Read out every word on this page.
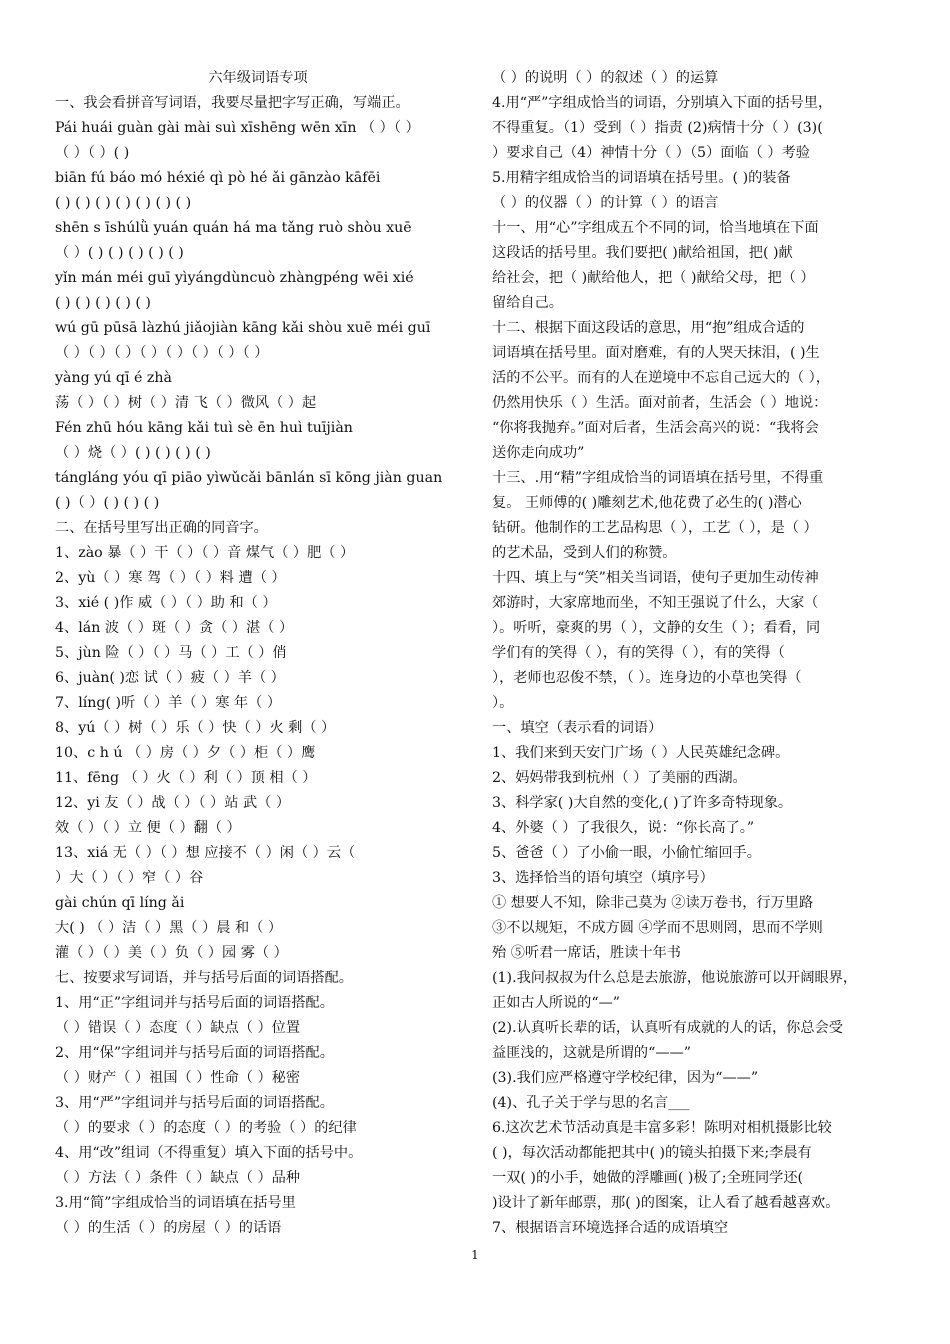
六年级词语专项
一、我会看拼音写词语，我要尽量把字写正确，写端正。
Pái huái guàn gài mài suì xīshēng wēn xīn （ ）（ ）
（ ）（ ）( )
biān fú báo mó héxié qì pò hé ǎi gānzào kāfēi
( ) ( ) ( ) ( ) ( ) ( ) ( )
shēn s īshúlǜ yuán quán há ma tǎng ruò shòu xuē
（ ）( ) ( ) ( ) ( ) ( )
yǐn mán méi guī yìyángdùncuò zhàngpéng wēi xié
( ) ( ) ( ) ( ) ( )
wú gū pūsā làzhú jiǎojiàn kāng kǎi shòu xuē méi guī
（ ）（ ）（ ）（ ）（ ）（ ）（ ）（ ）
yàng yú qī é zhà
荡（ ）（ ）树（ ）清 飞（ ）微风（ ）起
Fén zhū hóu kāng kǎi tuì sè ēn huì tuījiàn
（ ）烧（ ）( ) ( ) ( ) ( )
tángláng yóu qī piāo yìwǔcǎi bānlán sī kōng jiàn guan
( )（ ）( ) ( ) ( )
二、在括号里写出正确的同音字。
1、zào 暴（ ）干（ ）（ ）音 煤气（ ）肥（ ）
2、yù（ ）寒 驾（ ）（ ）料 遭（ ）
3、xié ( )作 威（ ）（ ）助 和（ ）
4、lán 波（ ）斑（ ）贪（ ）湛（ ）
5、jùn 险（ ）（ ）马（ ）工（ ）俏
6、juàn( )恋 试（ ）疲（ ）羊（ ）
7、líng( )听（ ）羊（ ）寒 年（ ）
8、yú（ ）树（ ）乐（ ）快（ ）火 剩（ ）
10、c h ú （ ）房（ ）夕（ ）柜（ ）鹰
11、fēng （ ）火（ ）利（ ）顶 相（ ）
12、yi 友（ ）战（ ）（ ）站 武（ ）
效（ ）（ ）立 便（ ）翻（ ）
13、xiá 无（ ）（ ）想 应接不（ ）闲（ ）云（
）大（ ）（ ）窄（ ）谷
gài chún qī líng ǎi
大( ) （ ）洁（ ）黑（ ）晨 和（ ）
灌（ ）（ ）美（ ）负（ ）园 雾（ ）
七、按要求写词语，并与括号后面的词语搭配。
1、用“正”字组词并与括号后面的词语搭配。
（ ）错误（ ）态度（ ）缺点（ ）位置
2、用“保”字组词并与括号后面的词语搭配。
（ ）财产（ ）祖国（ ）性命（ ）秘密
3、用“严”字组词并与括号后面的词语搭配。
（ ）的要求（ ）的态度（ ）的考验（ ）的纪律
4、用“改”组词（不得重复）填入下面的括号中。
（ ）方法（ ）条件（ ）缺点（ ）品种
3.用“简”字组成恰当的词语填在括号里
（ ）的生活（ ）的房屋（ ）的话语
（ ）的说明（ ）的叙述（ ）的运算
4.用“严”字组成恰当的词语，分别填入下面的括号里，
不得重复。（1）受到（ ）指责 (2)病情十分（ ）(3)(
）要求自己（4）神情十分（ ）（5）面临（ ）考验
5.用精字组成恰当的词语填在括号里。( )的装备
（ ）的仪器（ ）的计算（ ）的语言
十一、用“心”字组成五个不同的词，恰当地填在下面
这段话的括号里。我们要把( )献给祖国，把( )献
给社会，把（ )献给他人，把（ )献给父母，把（ ）
留给自己。
十二、根据下面这段话的意思，用“抱”组成合适的
词语填在括号里。面对磨难，有的人哭天抹泪，( )生
活的不公平。而有的人在逆境中不忘自己远大的（ ），
仍然用快乐（ ）生活。面对前者，生活会（ ）地说：
“你将我抛弃。”面对后者，生活会高兴的说：“我将会
送你走向成功”
十三、.用“精”字组成恰当的词语填在括号里，不得重
复。 王师傅的( )雕刻艺术,他花费了必生的( )潜心
钻研。他制作的工艺品构思（ ），工艺（ ），是（ ）
的艺术品，受到人们的称赞。
十四、填上与“笑”相关当词语，使句子更加生动传神
郊游时，大家席地而坐，不知王强说了什么，大家（
）。听听，豪爽的男（ ），文静的女生（ ）；看看，同
学们有的笑得（ ），有的笑得（ ），有的笑得（
），老师也忍俊不禁，（ ）。连身边的小草也笑得（
）。
一、填空（表示看的词语）
1、我们来到天安门广场（ ）人民英雄纪念碑。
2、妈妈带我到杭州（ ）了美丽的西湖。
3、科学家( )大自然的变化,( )了许多奇特现象。
4、外婆（ ）了我很久，说：“你长高了。”
5、爸爸（ ）了小偷一眼，小偷忙缩回手。
3、选择恰当的语句填空（填序号）
① 想要人不知，除非己莫为 ②读万卷书，行万里路
③不以规矩，不成方圆 ④学而不思则罔，思而不学则
殆 ⑤听君一席话，胜读十年书
(1).我问叔叔为什么总是去旅游，他说旅游可以开阔眼界，
正如古人所说的“—”
(2).认真听长辈的话，认真听有成就的人的话，你总会受
益匪浅的，这就是所谓的“——”
(3).我们应严格遵守学校纪律，因为“——”
(4)、孔子关于学与思的名言___
6.这次艺术节活动真是丰富多彩！陈明对相机摄影比较
( )，每次活动都能把其中( )的镜头拍摄下来;李晨有
一双( )的小手，她做的浮雕画( )极了;全班同学还(
)设计了新年邮票，那( )的图案，让人看了越看越喜欢。
7、根据语言环境选择合适的成语填空
1
